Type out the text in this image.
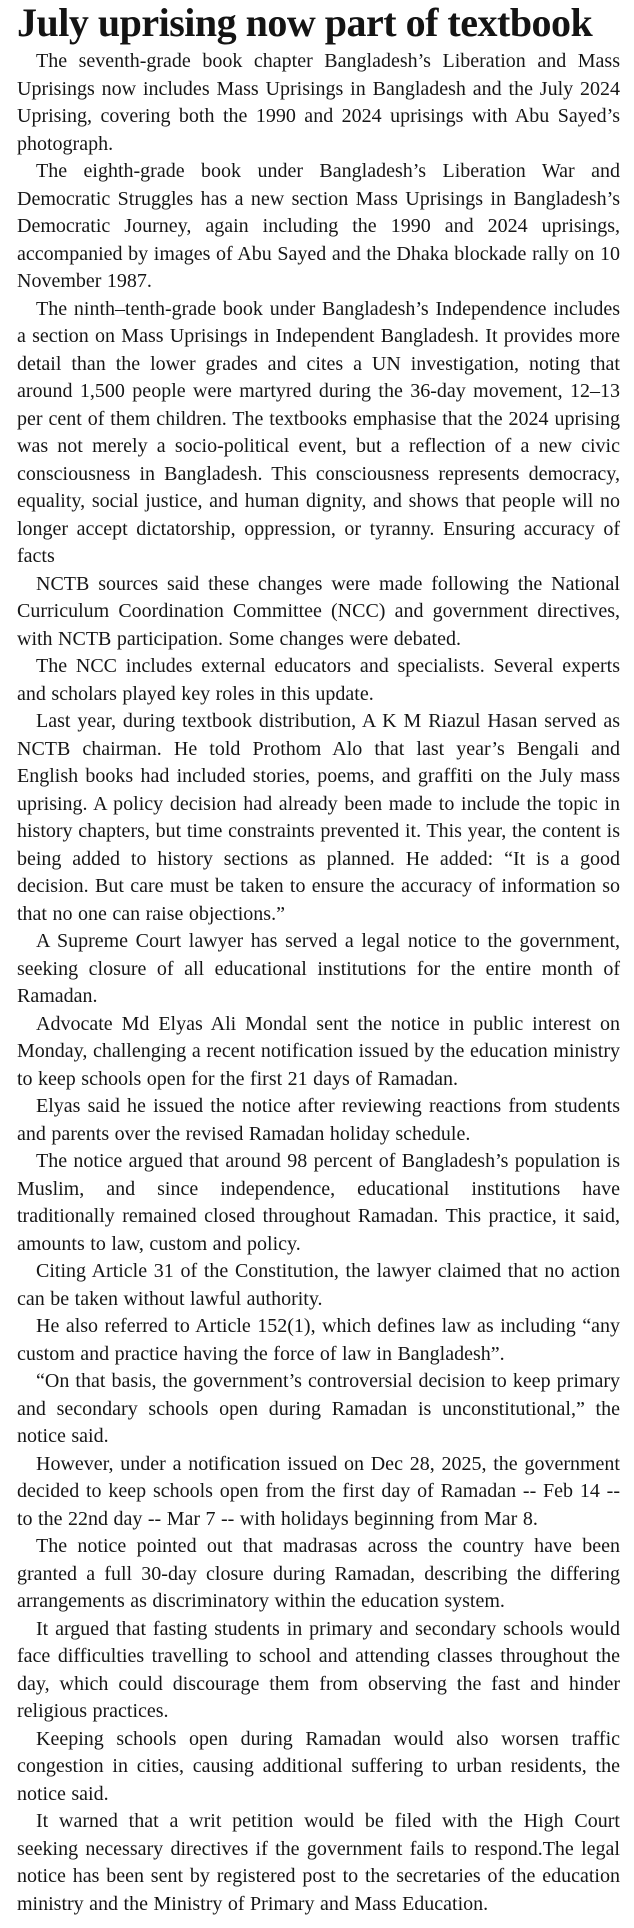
July uprising now part of textbook

The seventh-grade book chapter Bangladesh’s Liberation and Mass Uprisings now includes Mass Uprisings in Bangladesh and the July 2024 Uprising, covering both the 1990 and 2024 uprisings with Abu Sayed’s photograph.

The eighth-grade book under Bangladesh’s Liberation War and Democratic Struggles has a new section Mass Uprisings in Bangladesh’s Democratic Journey, again including the 1990 and 2024 uprisings, accompanied by images of Abu Sayed and the Dhaka blockade rally on 10 November 1987.

The ninth–tenth-grade book under Bangladesh’s Independence includes a section on Mass Uprisings in Independent Bangladesh. It provides more detail than the lower grades and cites a UN investigation, noting that around 1,500 people were martyred during the 36-day movement, 12–13 per cent of them children. The textbooks emphasise that the 2024 uprising was not merely a socio-political event, but a reflection of a new civic consciousness in Bangladesh. This consciousness represents democracy, equality, social justice, and human dignity, and shows that people will no longer accept dictatorship, oppression, or tyranny. Ensuring accuracy of facts

NCTB sources said these changes were made following the National Curriculum Coordination Committee (NCC) and government directives, with NCTB participation. Some changes were debated.

The NCC includes external educators and specialists. Several experts and scholars played key roles in this update.

Last year, during textbook distribution, A K M Riazul Hasan served as NCTB chairman. He told Prothom Alo that last year’s Bengali and English books had included stories, poems, and graffiti on the July mass uprising. A policy decision had already been made to include the topic in history chapters, but time constraints prevented it. This year, the content is being added to history sections as planned. He added: “It is a good decision. But care must be taken to ensure the accuracy of information so that no one can raise objections.”

A Supreme Court lawyer has served a legal notice to the government, seeking closure of all educational institutions for the entire month of Ramadan.

Advocate Md Elyas Ali Mondal sent the notice in public interest on Monday, challenging a recent notification issued by the education ministry to keep schools open for the first 21 days of Ramadan.

Elyas said he issued the notice after reviewing reactions from students and parents over the revised Ramadan holiday schedule.

The notice argued that around 98 percent of Bangladesh’s population is Muslim, and since independence, educational institutions have traditionally remained closed throughout Ramadan. This practice, it said, amounts to law, custom and policy.

Citing Article 31 of the Constitution, the lawyer claimed that no action can be taken without lawful authority.

He also referred to Article 152(1), which defines law as including “any custom and practice having the force of law in Bangladesh”.

“On that basis, the government’s controversial decision to keep primary and secondary schools open during Ramadan is unconstitutional,” the notice said.

However, under a notification issued on Dec 28, 2025, the government decided to keep schools open from the first day of Ramadan -- Feb 14 -- to the 22nd day -- Mar 7 -- with holidays beginning from Mar 8.

The notice pointed out that madrasas across the country have been granted a full 30-day closure during Ramadan, describing the differing arrangements as discriminatory within the education system.

It argued that fasting students in primary and secondary schools would face difficulties travelling to school and attending classes throughout the day, which could discourage them from observing the fast and hinder religious practices.

Keeping schools open during Ramadan would also worsen traffic congestion in cities, causing additional suffering to urban residents, the notice said.

It warned that a writ petition would be filed with the High Court seeking necessary directives if the government fails to respond.The legal notice has been sent by registered post to the secretaries of the education ministry and the Ministry of Primary and Mass Education.
